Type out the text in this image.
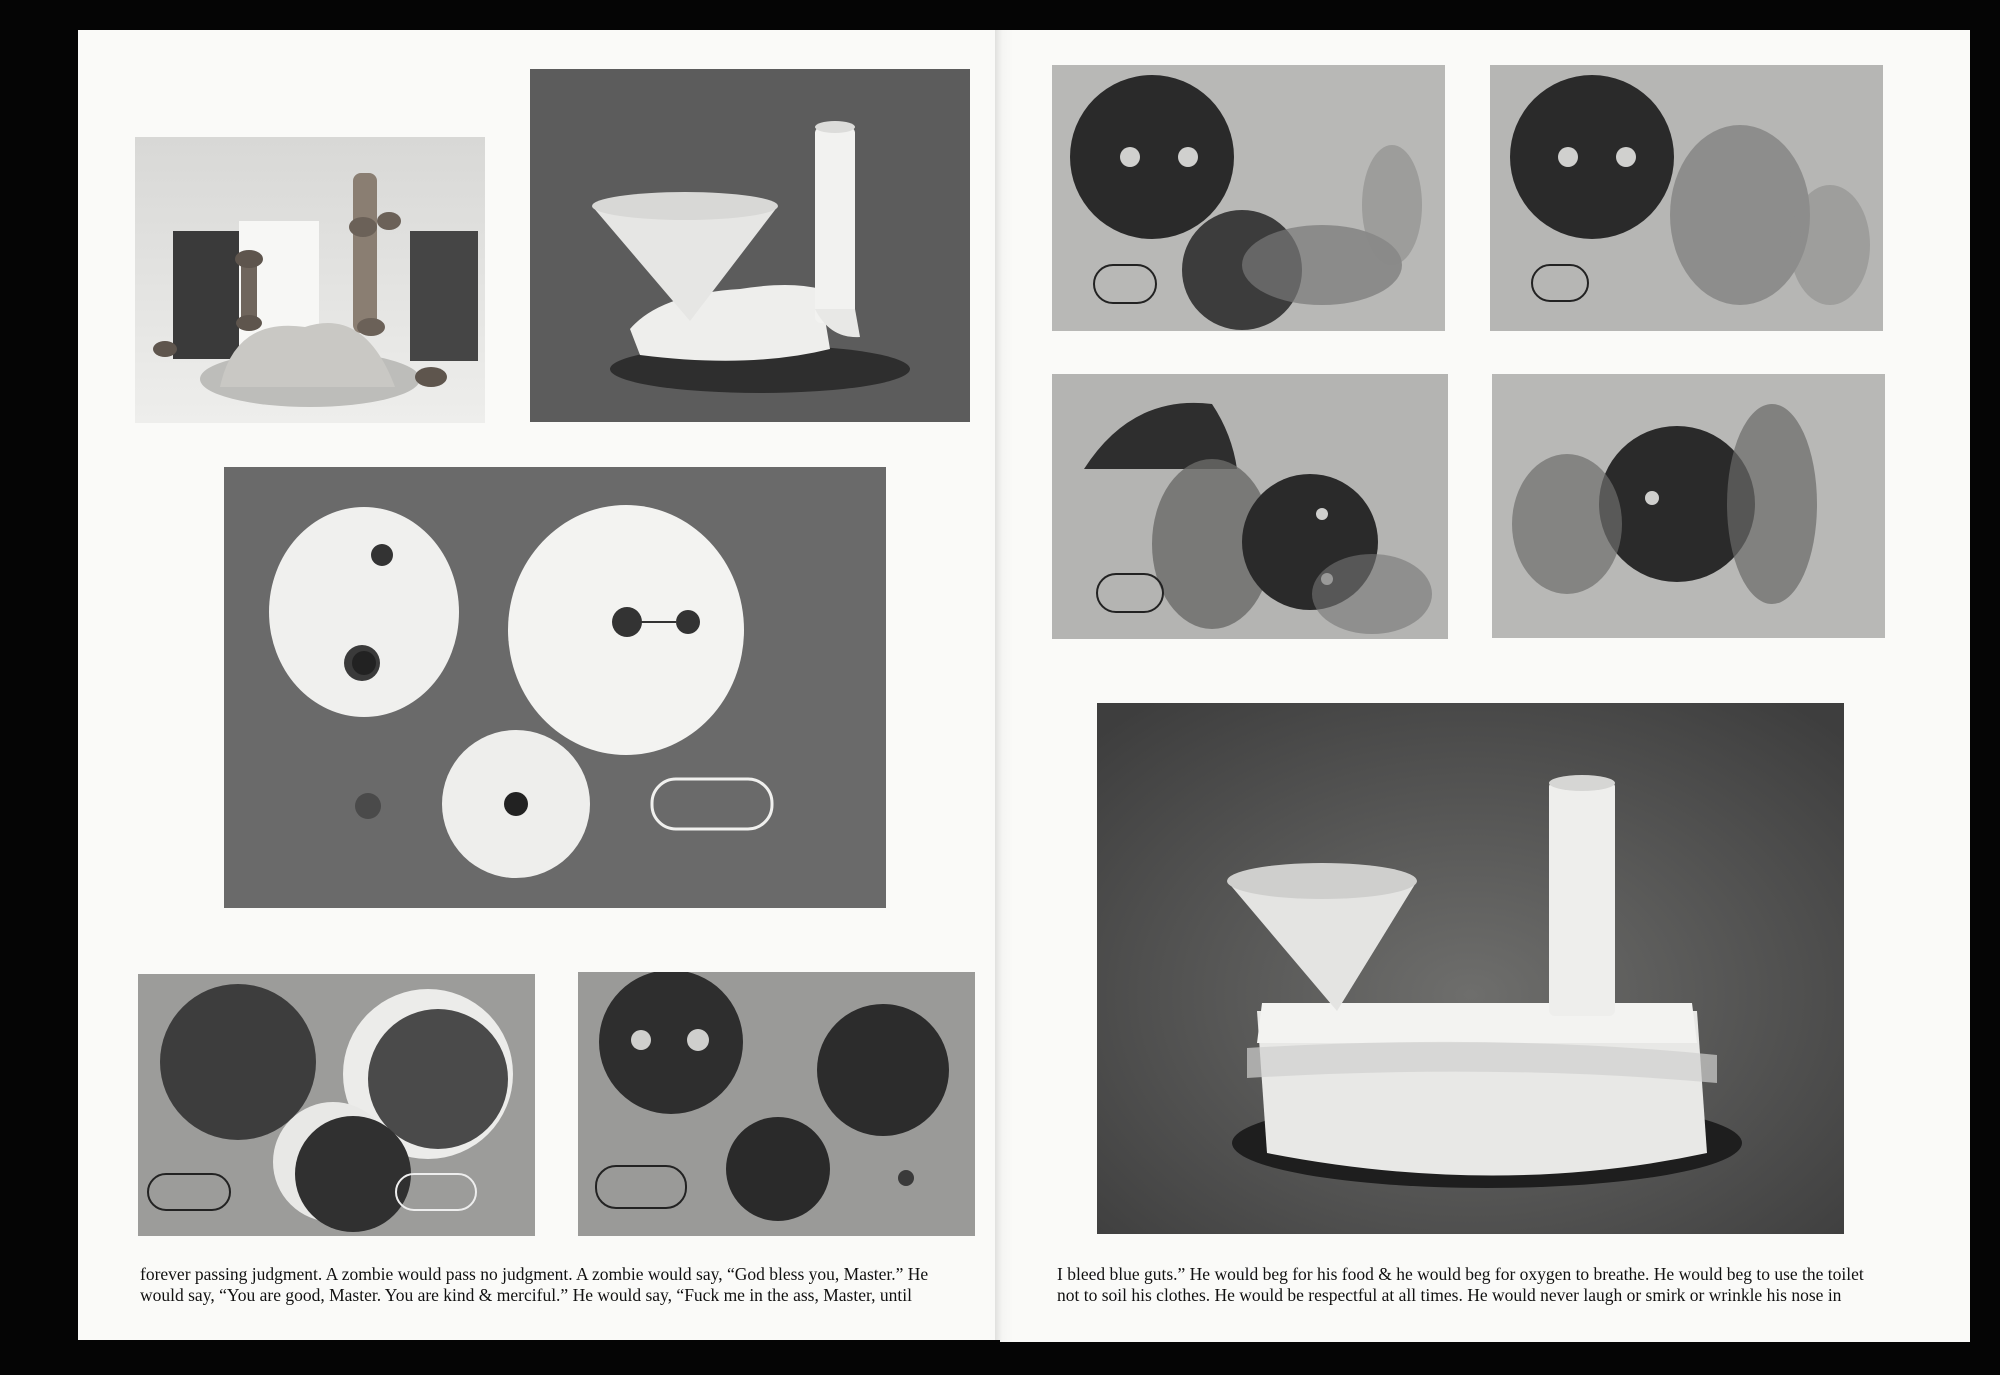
forever passing judgment. A zombie would pass no judgment. A zombie would say, “God bless you, Master.” He
would say, “You are good, Master. You are kind & merciful.” He would say, “Fuck me in the ass, Master, until
I bleed blue guts.” He would beg for his food & he would beg for oxygen to breathe. He would beg to use the toilet
not to soil his clothes. He would be respectful at all times. He would never laugh or smirk or wrinkle his nose in
